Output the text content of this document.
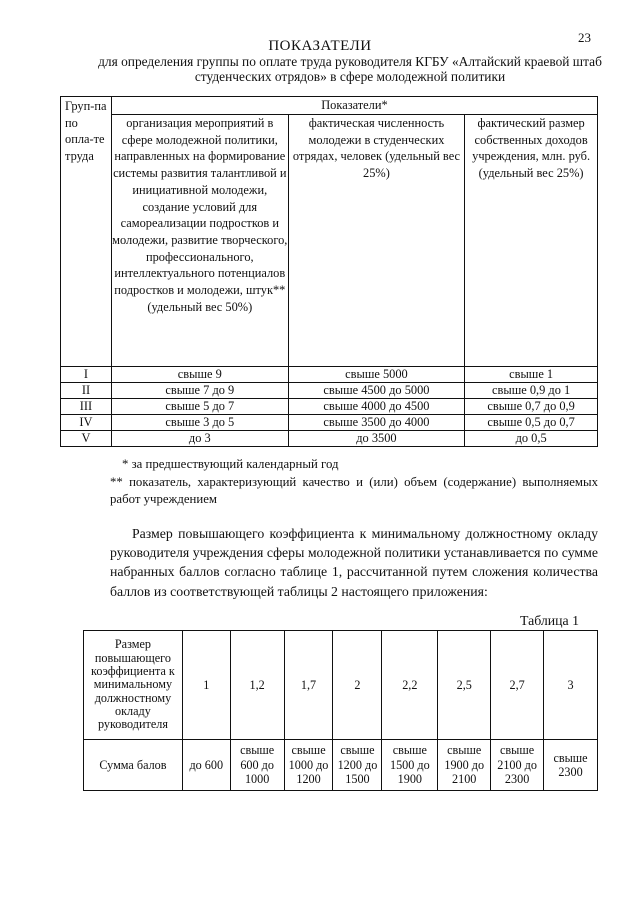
23
ПОКАЗАТЕЛИ
для определения группы по оплате труда руководителя КГБУ «Алтайский краевой штаб студенческих отрядов» в сфере молодежной политики
Груп-па по опла-те труда	Показатели*		
	организация мероприятий в сфере молодежной политики, направленных на формирование системы развития талантливой и инициативной молодежи, создание условий для самореализации подростков и молодежи, развитие творческого, профессионального, интеллектуального потенциалов подростков и молодежи, штук** (удельный вес 50%)	фактическая численность молодежи в студенческих отрядах, человек (удельный вес 25%)	фактический размер собственных доходов учреждения, млн. руб. (удельный вес 25%)
I	свыше 9	свыше 5000	свыше 1
II	свыше 7 до 9	свыше 4500 до 5000	свыше 0,9 до 1
III	свыше 5 до 7	свыше 4000 до 4500	свыше 0,7 до 0,9
IV	свыше 3 до 5	свыше 3500 до 4000	свыше 0,5 до 0,7
V	до 3	до 3500	до 0,5
* за предшествующий календарный год
** показатель, характеризующий качество и (или) объем (содержание) выполняемых работ учреждением
Размер повышающего коэффициента к минимальному должностному окладу руководителя учреждения сферы молодежной политики устанавливается по сумме набранных баллов согласно таблице 1, рассчитанной путем сложения количества баллов из соответствующей таблицы 2 настоящего приложения:
Таблица 1
Размер повышающего коэффициента к минимальному должностному окладу руководителя	1	1,2	1,7	2	2,2	2,5	2,7	3
Сумма балов	до 600	свыше 600 до 1000	свыше 1000 до 1200	свыше 1200 до 1500	свыше 1500 до 1900	свыше 1900 до 2100	свыше 2100 до 2300	свыше 2300
